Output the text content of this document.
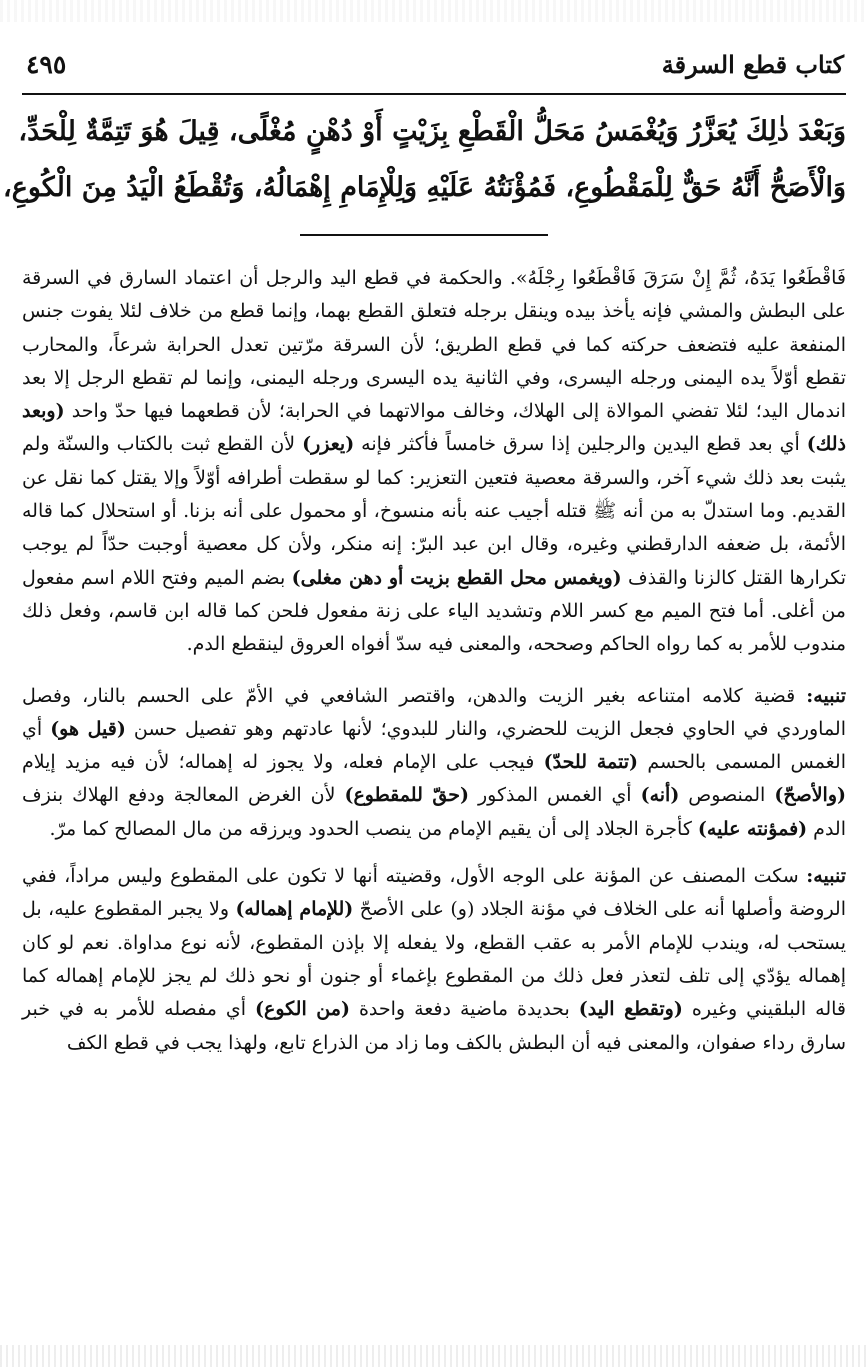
كتاب قطع السرقة
٤٩٥

وَبَعْدَ ذٰلِكَ يُعَزَّرُ وَيُغْمَسُ مَحَلُّ الْقَطْعِ بِزَيْتٍ أَوْ دُهْنٍ مُغْلًى، قِيلَ هُوَ تَتِمَّةٌ لِلْحَدِّ،

وَالْأَصَحُّ أَنَّهُ حَقٌّ لِلْمَقْطُوعِ، فَمُؤْنَتُهُ عَلَيْهِ وَلِلْإِمَامِ إِهْمَالُهُ، وَتُقْطَعُ الْيَدُ مِنَ الْكُوعِ،

فَاقْطَعُوا يَدَهُ، ثُمَّ إِنْ سَرَقَ فَاقْطَعُوا رِجْلَهُ». والحكمة في قطع اليد والرجل أن اعتماد السارق في السرقة على البطش والمشي فإنه يأخذ بيده وينقل برجله فتعلق القطع بهما، وإنما قطع من خلاف لئلا يفوت جنس المنفعة عليه فتضعف حركته كما في قطع الطريق؛ لأن السرقة مرّتين تعدل الحرابة شرعاً، والمحارب تقطع أوّلاً يده اليمنى ورجله اليسرى، وفي الثانية يده اليسرى ورجله اليمنى، وإنما لم تقطع الرجل إلا بعد اندمال اليد؛ لئلا تفضي الموالاة إلى الهلاك، وخالف موالاتهما في الحرابة؛ لأن قطعهما فيها حدّ واحد (وبعد ذلك) أي بعد قطع اليدين والرجلين إذا سرق خامساً فأكثر فإنه (يعزر) لأن القطع ثبت بالكتاب والسنّة ولم يثبت بعد ذلك شيء آخر، والسرقة معصية فتعين التعزير: كما لو سقطت أطرافه أوّلاً وإلا يقتل كما نقل عن القديم. وما استدلّ به من أنه ﷺ قتله أجيب عنه بأنه منسوخ، أو محمول على أنه بزنا. أو استحلال كما قاله الأئمة، بل ضعفه الدارقطني وغيره، وقال ابن عبد البرّ: إنه منكر، ولأن كل معصية أوجبت حدّاً لم يوجب تكرارها القتل كالزنا والقذف (ويغمس محل القطع بزيت أو دهن مغلى) بضم الميم وفتح اللام اسم مفعول من أغلى. أما فتح الميم مع كسر اللام وتشديد الياء على زنة مفعول فلحن كما قاله ابن قاسم، وفعل ذلك مندوب للأمر به كما رواه الحاكم وصححه، والمعنى فيه سدّ أفواه العروق لينقطع الدم.

تنبيه: قضية كلامه امتناعه بغير الزيت والدهن، واقتصر الشافعي في الأمّ على الحسم بالنار، وفصل الماوردي في الحاوي فجعل الزيت للحضري، والنار للبدوي؛ لأنها عادتهم وهو تفصيل حسن (قيل هو) أي الغمس المسمى بالحسم (تتمة للحدّ) فيجب على الإمام فعله، ولا يجوز له إهماله؛ لأن فيه مزيد إيلام (والأصحّ) المنصوص (أنه) أي الغمس المذكور (حقّ للمقطوع) لأن الغرض المعالجة ودفع الهلاك بنزف الدم (فمؤنته عليه) كأجرة الجلاد إلى أن يقيم الإمام من ينصب الحدود ويرزقه من مال المصالح كما مرّ.

تنبيه: سكت المصنف عن المؤنة على الوجه الأول، وقضيته أنها لا تكون على المقطوع وليس مراداً، ففي الروضة وأصلها أنه على الخلاف في مؤنة الجلاد (و) على الأصحّ (للإمام إهماله) ولا يجبر المقطوع عليه، بل يستحب له، ويندب للإمام الأمر به عقب القطع، ولا يفعله إلا بإذن المقطوع، لأنه نوع مداواة. نعم لو كان إهماله يؤدّي إلى تلف لتعذر فعل ذلك من المقطوع بإغماء أو جنون أو نحو ذلك لم يجز للإمام إهماله كما قاله البلقيني وغيره (وتقطع اليد) بحديدة ماضية دفعة واحدة (من الكوع) أي مفصله للأمر به في خبر سارق رداء صفوان، والمعنى فيه أن البطش بالكف وما زاد من الذراع تابع، ولهذا يجب في قطع الكف
